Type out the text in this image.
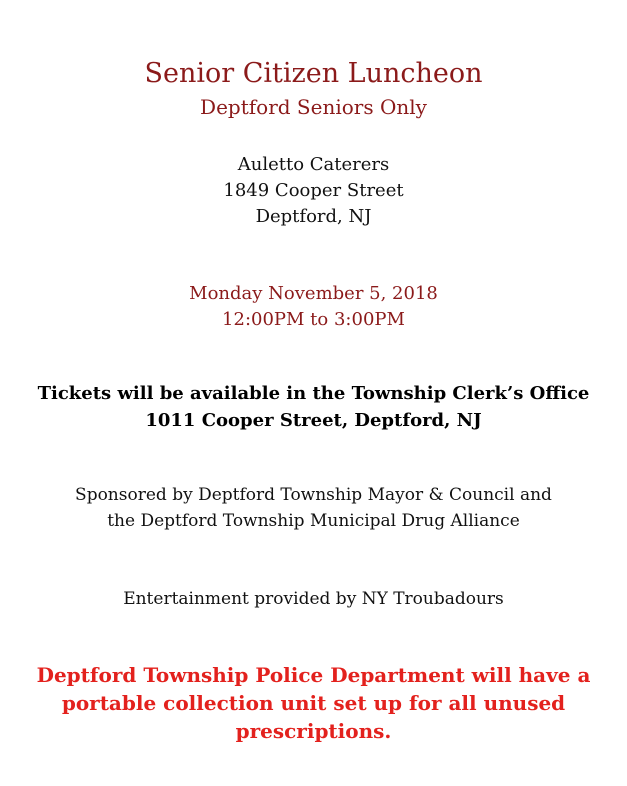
Senior Citizen Luncheon
Deptford Seniors Only
Auletto Caterers
1849 Cooper Street
Deptford, NJ
Monday November 5, 2018
12:00PM to 3:00PM
Tickets will be available in the Township Clerk’s Office
1011 Cooper Street, Deptford, NJ
Sponsored by Deptford Township Mayor & Council and
the Deptford Township Municipal Drug Alliance
Entertainment provided by NY Troubadours
Deptford Township Police Department will have a
portable collection unit set up for all unused
prescriptions.
